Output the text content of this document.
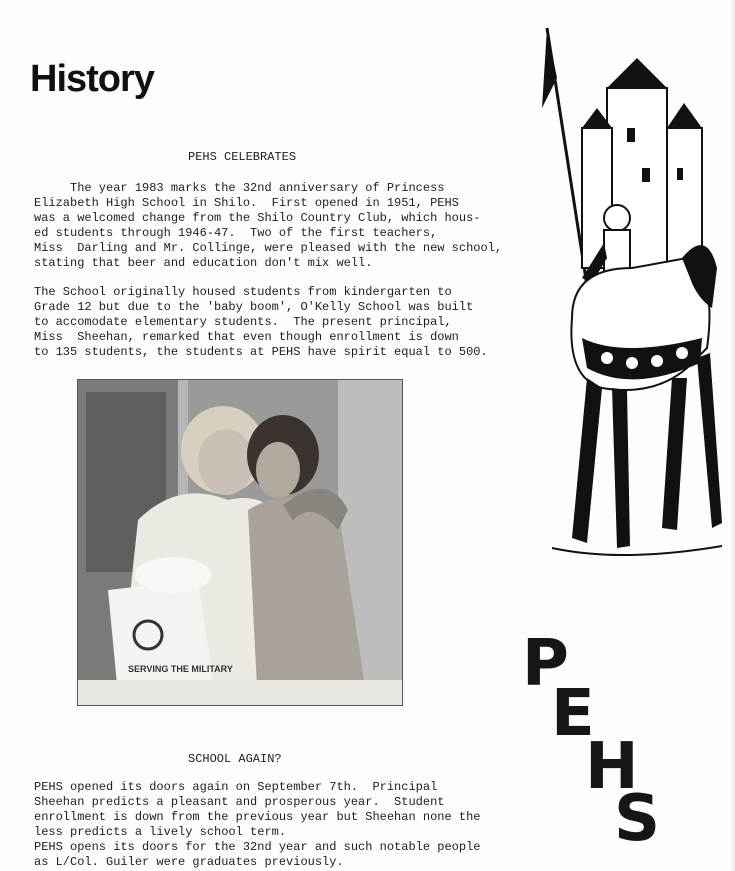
History

PEHS CELEBRATES

The year 1983 marks the 32nd anniversary of Princess
Elizabeth High School in Shilo.  First opened in 1951, PEHS
was a welcomed change from the Shilo Country Club, which hous-
ed students through 1946-47.  Two of the first teachers,
Miss  Darling and Mr. Collinge, were pleased with the new school,
stating that beer and education don't mix well.

The School originally housed students from kindergarten to
Grade 12 but due to the 'baby boom', O'Kelly School was built
to accomodate elementary students.  The present principal,
Miss  Sheehan, remarked that even though enrollment is down
to 135 students, the students at PEHS have spirit equal to 500.

SERVING THE MILITARY	P
E
H
S

SCHOOL AGAIN?

PEHS opened its doors again on September 7th.  Principal
Sheehan predicts a pleasant and prosperous year.  Student
enrollment is down from the previous year but Sheehan none the
less predicts a lively school term.
PEHS opens its doors for the 32nd year and such notable people
as L/Col. Guiler were graduates previously.
